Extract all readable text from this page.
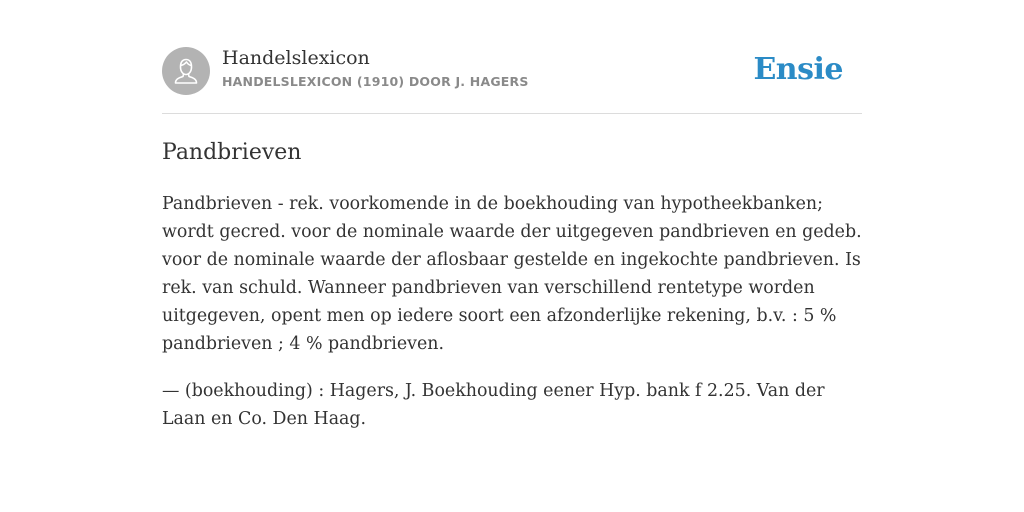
Handelslexicon
HANDELSLEXICON (1910) DOOR J. HAGERS	Ensie
Pandbrieven

Pandbrieven - rek. voorkomende in de boekhouding van hypotheekbanken; wordt gecred. voor de nominale waarde der uitgegeven pandbrieven en gedeb. voor de nominale waarde der aflosbaar gestelde en ingekochte pandbrieven. Is rek. van schuld. Wanneer pandbrieven van verschillend rentetype worden uitgegeven, opent men op iedere soort een afzonderlijke rekening, b.v. : 5 % pandbrieven ; 4 % pandbrieven.

— (boekhouding) : Hagers, J. Boekhouding eener Hyp. bank f 2.25. Van der Laan en Co. Den Haag.
